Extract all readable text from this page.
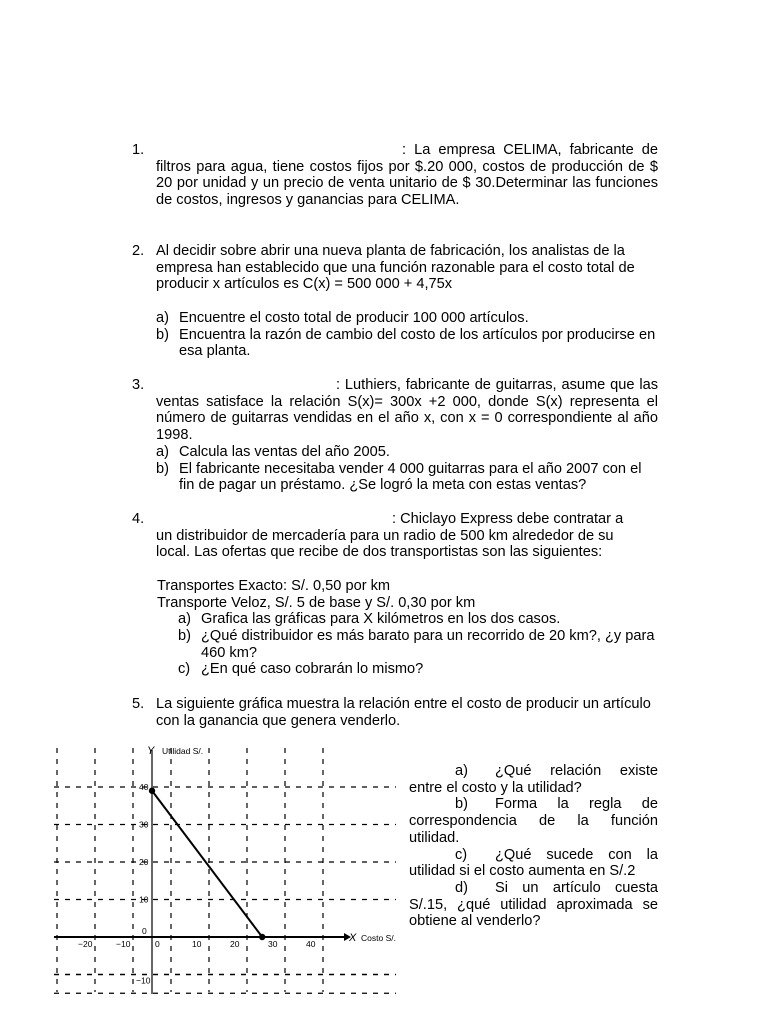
1.	: La empresa CELIMA, fabricante de filtros para agua, tiene costos fijos por $.20 000, costos de producción de $ 20 por unidad y un precio de venta unitario de $ 30.Determinar las funciones de costos, ingresos y ganancias para CELIMA.

2. Al decidir sobre abrir una nueva planta de fabricación, los analistas de la empresa han establecido que una función razonable para el costo total de producir x artículos es C(x) = 500 000 + 4,75x

a) Encuentre el costo total de producir 100 000 artículos.
b) Encuentra la razón de cambio del costo de los artículos por producirse en esa planta.
3.	: Luthiers, fabricante de guitarras, asume que las ventas satisface la relación S(x)= 300x +2 000, donde S(x) representa el número de guitarras vendidas en el año x, con x = 0 correspondiente al año 1998.

a) Calcula las ventas del año 2005.
b) El fabricante necesitaba vender 4 000 guitarras para el año 2007 con el fin de pagar un préstamo. ¿Se logró la meta con estas ventas?
4.	: Chiclayo Express debe contratar a un distribuidor de mercadería para un radio de 500 km alrededor de su local. Las ofertas que recibe de dos transportistas son las siguientes:

Transportes Exacto: S/. 0,50 por km

Transporte Veloz, S/. 5 de base y S/. 0,30 por km

a) Grafica las gráficas para X kilómetros en los dos casos.
b) ¿Qué distribuidor es más barato para un recorrido de 20 km?, ¿y para 460 km?
c) ¿En qué caso cobrarán lo mismo?
5. La siguiente gráfica muestra la relación entre el costo de producir un artículo con la ganancia que genera venderlo.

−20	−10	0	10	20	30	40
−10
0
10
20
30
40
Y Utilidad S/.
X Costo S/.

a) ¿Qué relación existe entre el costo y la utilidad?

b) Forma la regla de correspondencia de la función utilidad.

c) ¿Qué sucede con la utilidad si el costo aumenta en S/.2

d) Si un artículo cuesta S/.15, ¿qué utilidad aproximada se obtiene al venderlo?
